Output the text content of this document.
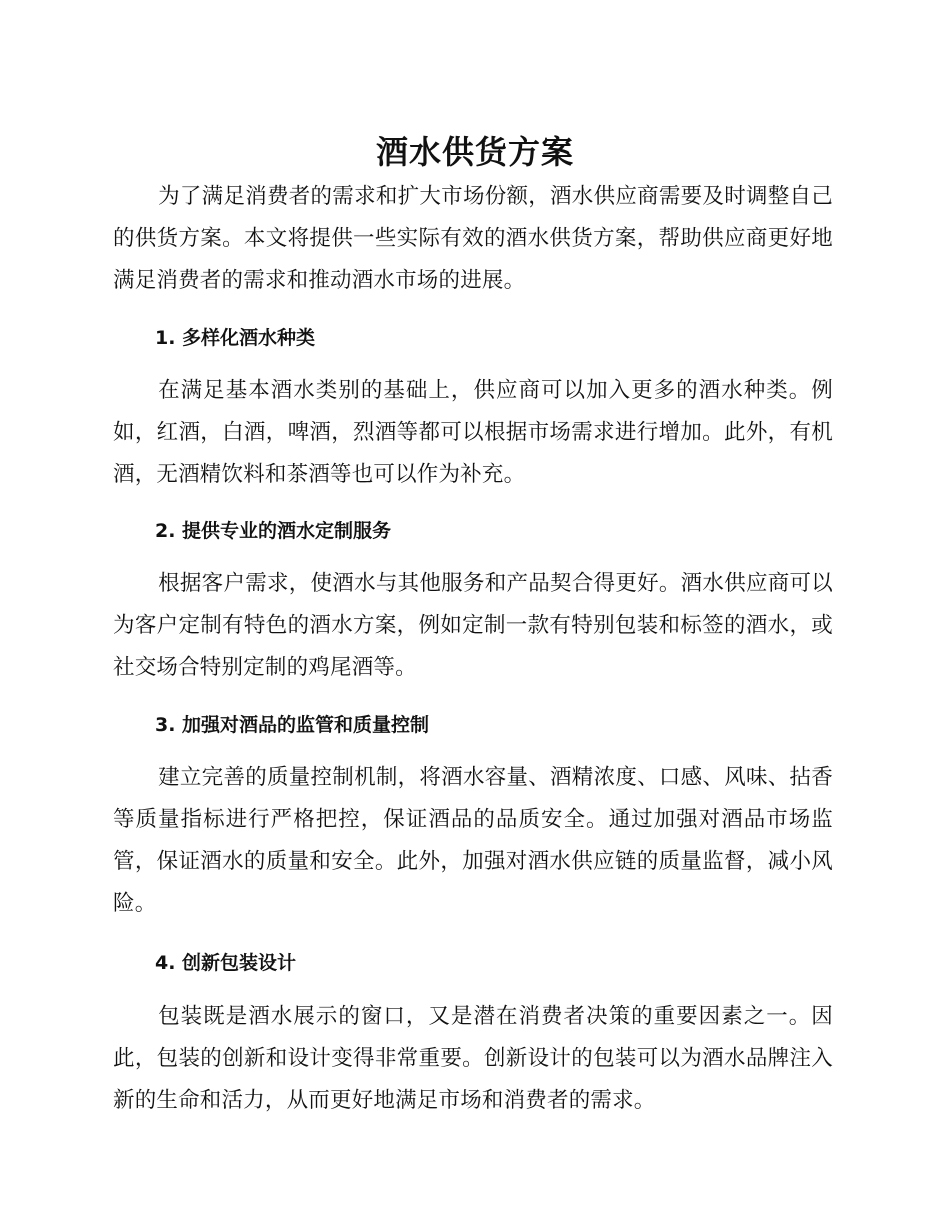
酒水供货方案

为了满足消费者的需求和扩大市场份额，酒水供应商需要及时调整自己的供货方案。本文将提供一些实际有效的酒水供货方案，帮助供应商更好地满足消费者的需求和推动酒水市场的进展。

1. 多样化酒水种类

在满足基本酒水类别的基础上，供应商可以加入更多的酒水种类。例如，红酒，白酒，啤酒，烈酒等都可以根据市场需求进行增加。此外，有机酒，无酒精饮料和茶酒等也可以作为补充。

2. 提供专业的酒水定制服务

根据客户需求，使酒水与其他服务和产品契合得更好。酒水供应商可以为客户定制有特色的酒水方案，例如定制一款有特别包装和标签的酒水，或社交场合特别定制的鸡尾酒等。

3. 加强对酒品的监管和质量控制

建立完善的质量控制机制，将酒水容量、酒精浓度、口感、风味、拈香等质量指标进行严格把控，保证酒品的品质安全。通过加强对酒品市场监管，保证酒水的质量和安全。此外，加强对酒水供应链的质量监督，减小风险。

4. 创新包装设计

包装既是酒水展示的窗口，又是潜在消费者决策的重要因素之一。因此，包装的创新和设计变得非常重要。创新设计的包装可以为酒水品牌注入新的生命和活力，从而更好地满足市场和消费者的需求。
